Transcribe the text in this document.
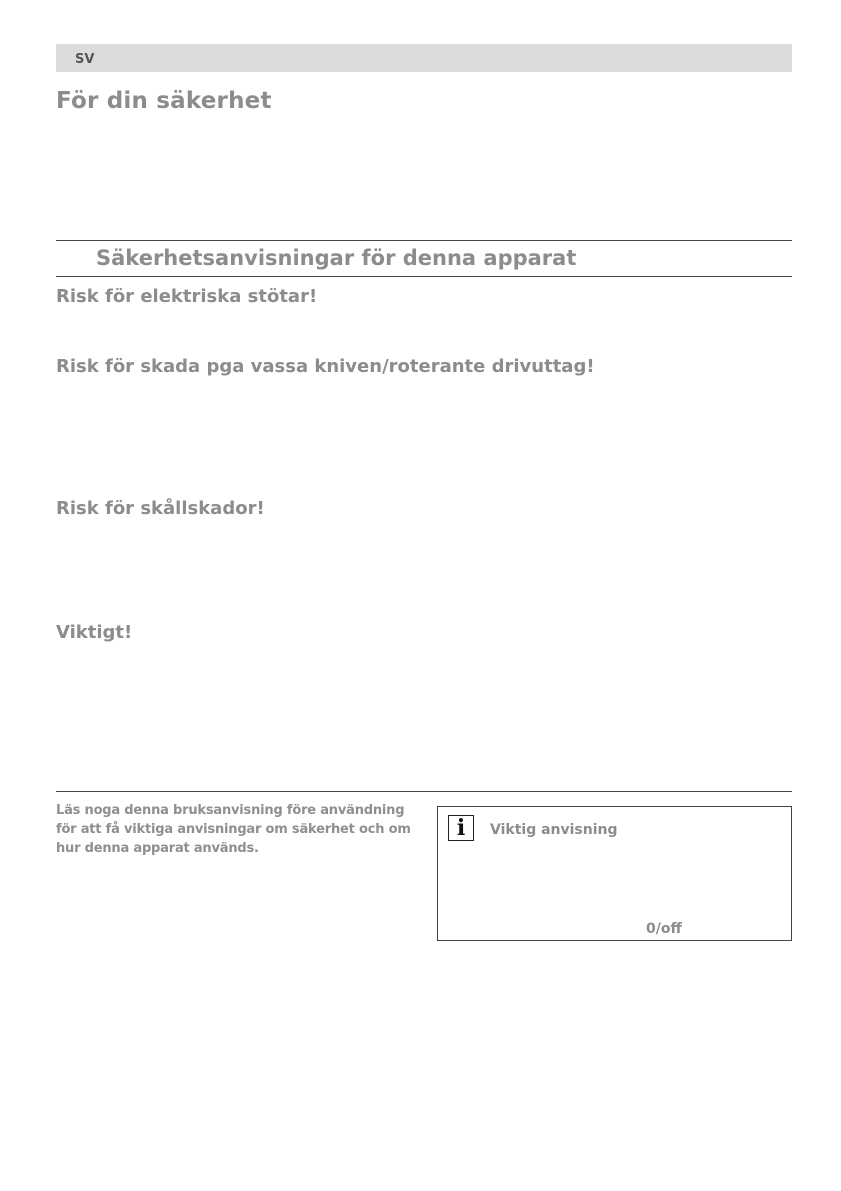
SV
För din säkerhet
Säkerhetsanvisningar för denna apparat
Risk för elektriska stötar!
Risk för skada pga vassa kniven/roterante drivuttag!
Risk för skållskador!
Viktigt!

Läs noga denna bruksanvisning före användning för att få viktiga anvisningar om säkerhet och om hur denna apparat används.

i	Viktig anvisning
0/off
